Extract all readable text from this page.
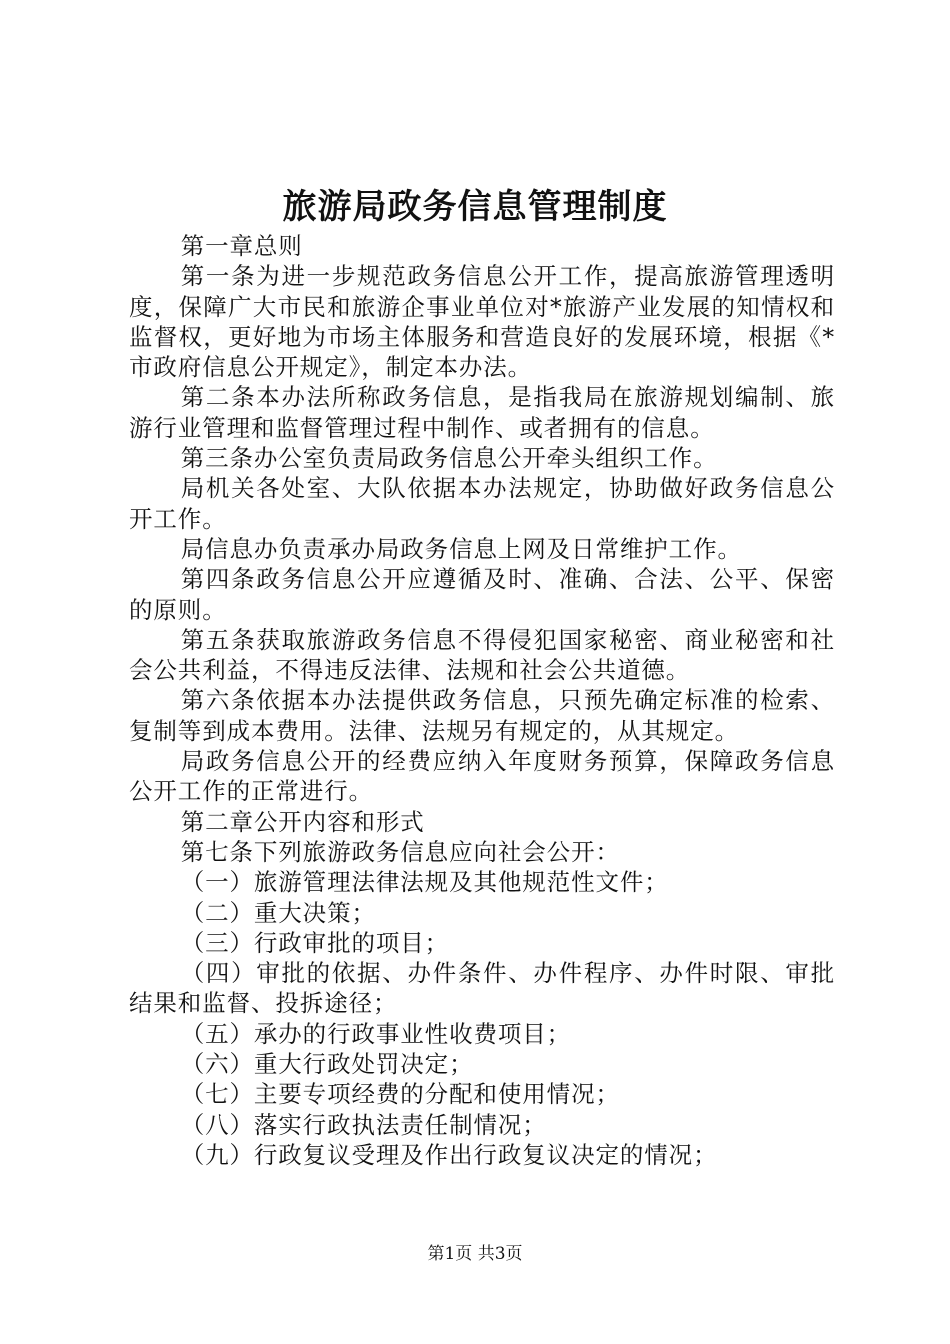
旅游局政务信息管理制度

第一章总则

第一条为进一步规范政务信息公开工作，提高旅游管理透明度，保障广大市民和旅游企事业单位对*旅游产业发展的知情权和监督权，更好地为市场主体服务和营造良好的发展环境，根据《*市政府信息公开规定》，制定本办法。

第二条本办法所称政务信息，是指我局在旅游规划编制、旅游行业管理和监督管理过程中制作、或者拥有的信息。

第三条办公室负责局政务信息公开牵头组织工作。

局机关各处室、大队依据本办法规定，协助做好政务信息公开工作。

局信息办负责承办局政务信息上网及日常维护工作。

第四条政务信息公开应遵循及时、准确、合法、公平、保密的原则。

第五条获取旅游政务信息不得侵犯国家秘密、商业秘密和社会公共利益，不得违反法律、法规和社会公共道德。

第六条依据本办法提供政务信息，只预先确定标准的检索、复制等到成本费用。法律、法规另有规定的，从其规定。

局政务信息公开的经费应纳入年度财务预算，保障政务信息公开工作的正常进行。

第二章公开内容和形式

第七条下列旅游政务信息应向社会公开：

（一）旅游管理法律法规及其他规范性文件；

（二）重大决策；

（三）行政审批的项目；

（四）审批的依据、办件条件、办件程序、办件时限、审批结果和监督、投拆途径；

（五）承办的行政事业性收费项目；

（六）重大行政处罚决定；

（七）主要专项经费的分配和使用情况；

（八）落实行政执法责任制情况；

（九）行政复议受理及作出行政复议决定的情况；

第1页 共3页
